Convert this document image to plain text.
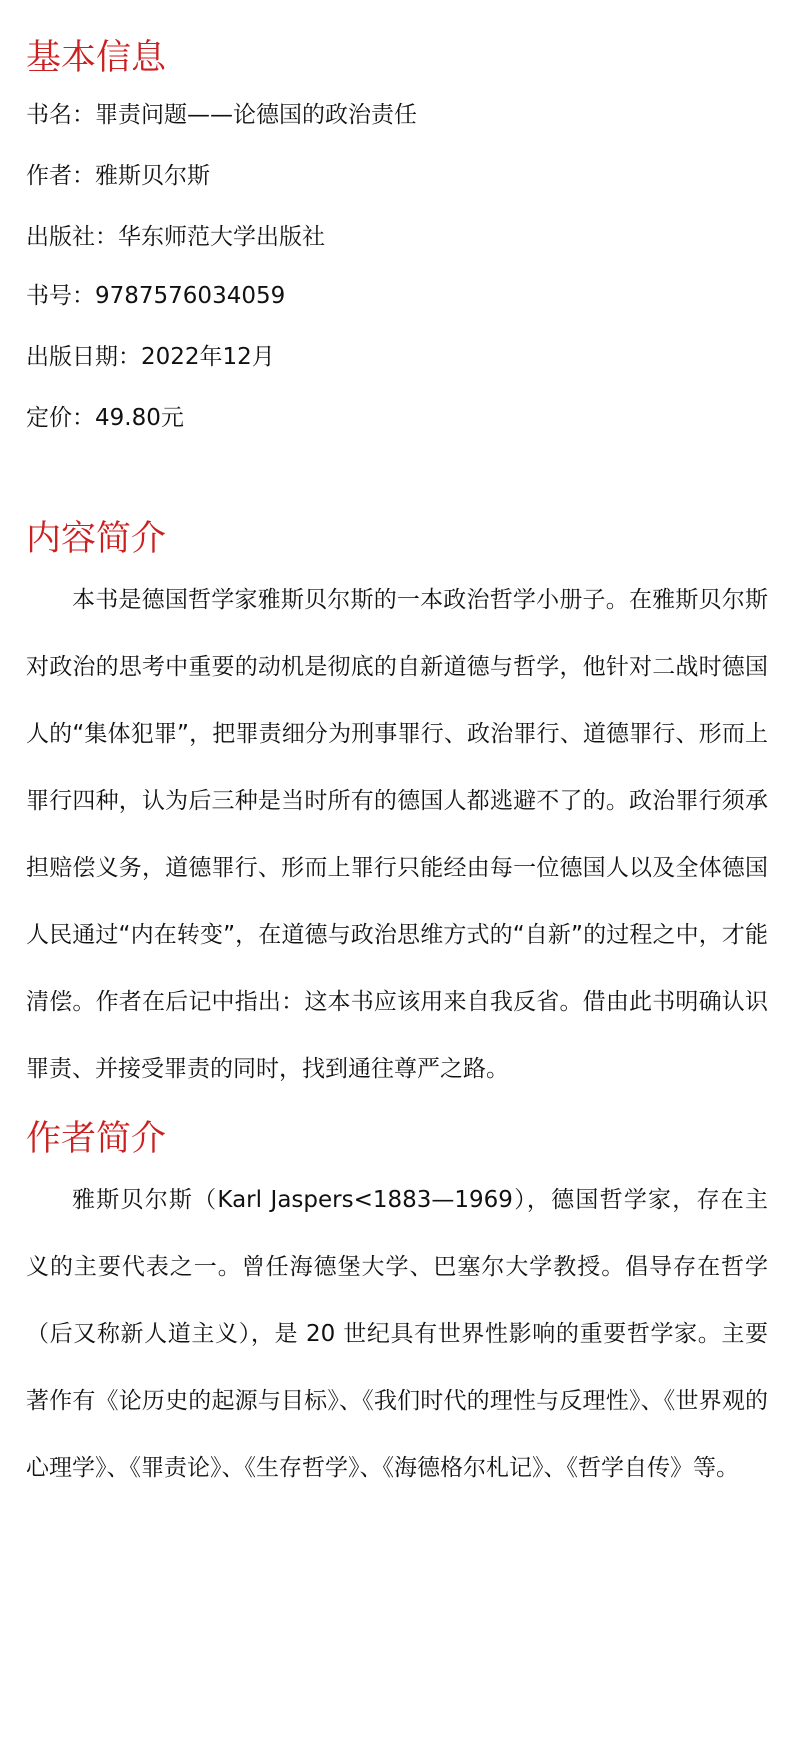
基本信息

书名：罪责问题——论德国的政治责任

作者：雅斯贝尔斯

出版社：华东师范大学出版社

书号：9787576034059

出版日期：2022年12月

定价：49.80元

内容简介

本书是德国哲学家雅斯贝尔斯的一本政治哲学小册子。在雅斯贝尔斯对政治的思考中重要的动机是彻底的自新道德与哲学，他针对二战时德国人的“集体犯罪”，把罪责细分为刑事罪行、政治罪行、道德罪行、形而上罪行四种，认为后三种是当时所有的德国人都逃避不了的。政治罪行须承担赔偿义务，道德罪行、形而上罪行只能经由每一位德国人以及全体德国人民通过“内在转变”，在道德与政治思维方式的“自新”的过程之中，才能清偿。作者在后记中指出：这本书应该用来自我反省。借由此书明确认识罪责、并接受罪责的同时，找到通往尊严之路。

作者简介

雅斯贝尔斯（Karl Jaspers<1883—1969），德国哲学家，存在主义的主要代表之一。曾任海德堡大学、巴塞尔大学教授。倡导存在哲学（后又称新人道主义），是 20 世纪具有世界性影响的重要哲学家。主要著作有《论历史的起源与目标》、《我们时代的理性与反理性》、《世界观的心理学》、《罪责论》、《生存哲学》、《海德格尔札记》、《哲学自传》等。
